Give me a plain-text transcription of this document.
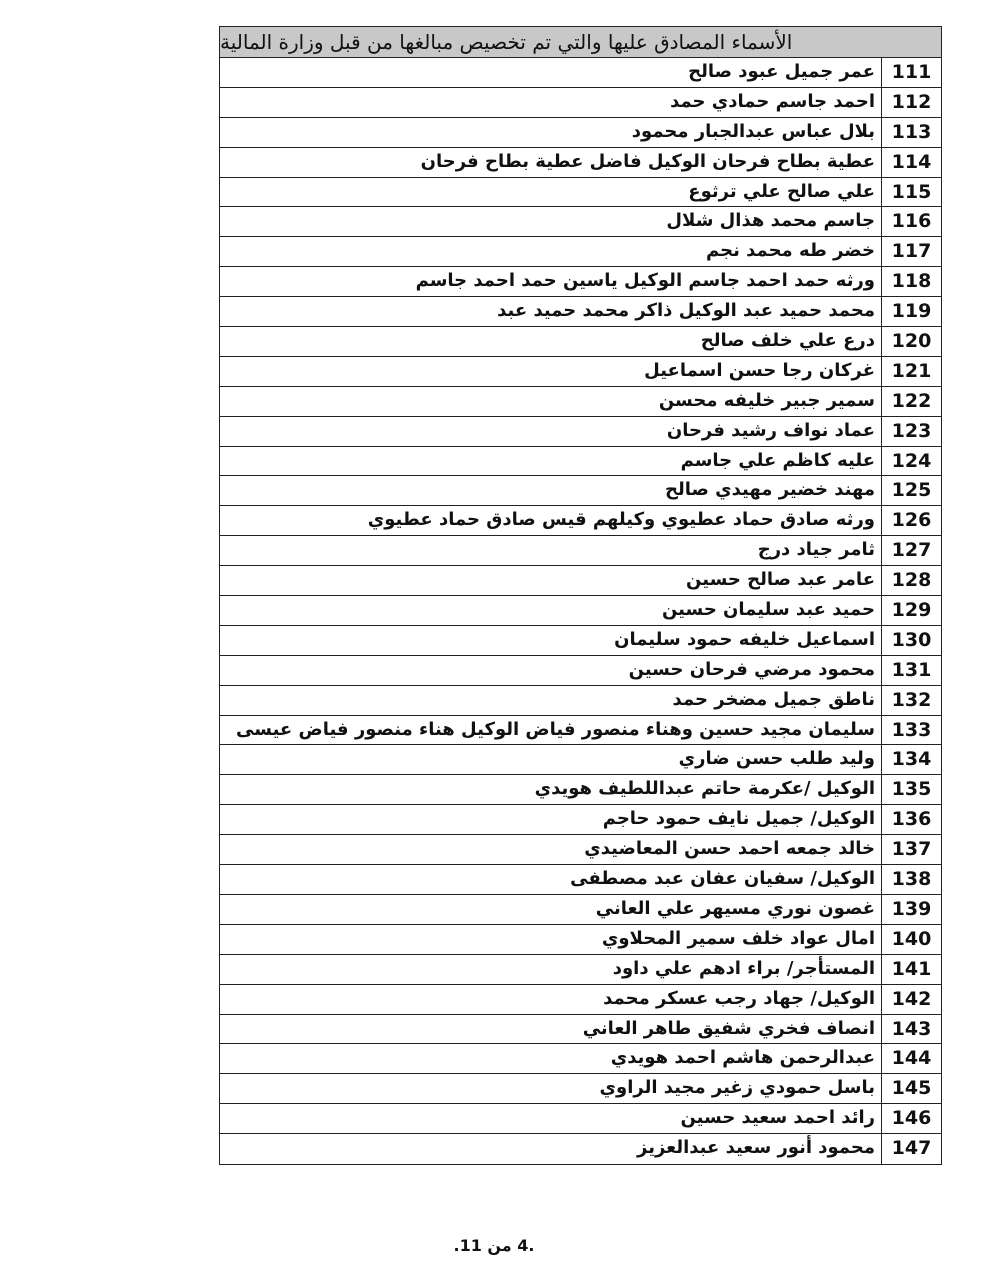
الأسماء المصادق عليها والتي تم تخصيص مبالغها من قبل وزارة المالية
عمر جميل عبود صالح 111
احمد جاسم حمادي حمد 112
بلال عباس عبدالجبار محمود 113
عطية بطاح فرحان الوكيل فاضل عطية بطاح فرحان 114
علي صالح علي ترثوع 115
جاسم محمد هذال شلال 116
خضر طه محمد نجم 117
ورثه حمد احمد جاسم الوكيل ياسين حمد احمد جاسم 118
محمد حميد عبد الوكيل ذاكر محمد حميد عبد 119
درع علي خلف صالح 120
غركان رجا حسن اسماعيل 121
سمير جبير خليفه محسن 122
عماد نواف رشيد فرحان 123
عليه كاظم علي جاسم 124
مهند خضير مهيدي صالح 125
ورثه صادق حماد عطيوي وكيلهم قيس صادق حماد عطيوي 126
ثامر جياد درج 127
عامر عبد صالح حسين 128
حميد عبد سليمان حسين 129
اسماعيل خليفه حمود سليمان 130
محمود مرضي فرحان حسين 131
ناطق جميل مضخر حمد 132
سليمان مجيد حسين وهناء منصور فياض الوكيل هناء منصور فياض عيسى 133
وليد طلب حسن ضاري 134
الوكيل /عكرمة حاتم عبداللطيف هويدي 135
الوكيل/ جميل نايف حمود حاجم 136
خالد جمعه احمد حسن المعاضيدي 137
الوكيل/ سفيان عفان عبد مصطفى 138
غصون نوري مسيهر علي العاني 139
امال عواد خلف سمير المحلاوي 140
المستأجر/ براء ادهم علي داود 141
الوكيل/ جهاد رجب عسكر محمد 142
انصاف فخري شفيق طاهر العاني 143
عبدالرحمن هاشم احمد هويدي 144
باسل حمودي زغير مجيد الراوي 145
رائد احمد سعيد حسين 146
محمود أنور سعيد عبدالعزيز 147
.4 من 11.
